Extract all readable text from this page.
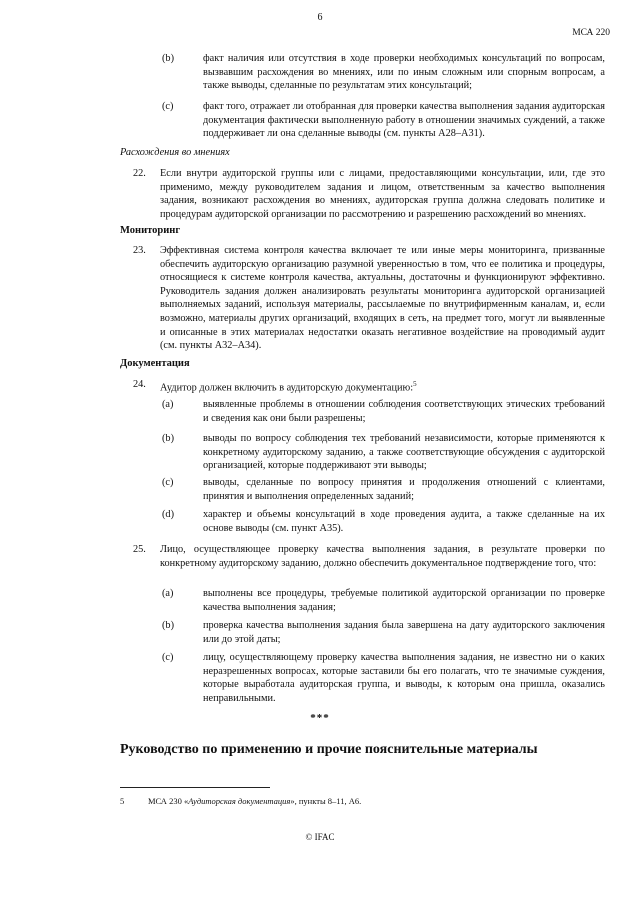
6
МСА 220
(b)	факт наличия или отсутствия в ходе проверки необходимых консультаций по вопросам, вызвавшим расхождения во мнениях, или по иным сложным или спорным вопросам, а также выводы, сделанные по результатам этих консультаций;

(c)	факт того, отражает ли отобранная для проверки качества выполнения задания аудиторская документация фактически выполненную работу в отношении значимых суждений, а также поддерживает ли она сделанные выводы (см. пункты А28–А31).

Расхождения во мнениях
22. Если внутри аудиторской группы или с лицами, предоставляющими консультации, или, где это применимо, между руководителем задания и лицом, ответственным за качество выполнения задания, возникают расхождения во мнениях, аудиторская группа должна следовать политике и процедурам аудиторской организации по рассмотрению и разрешению расхождений во мнениях.

Мониторинг
23. Эффективная система контроля качества включает те или иные меры мониторинга, призванные обеспечить аудиторскую организацию разумной уверенностью в том, что ее политика и процедуры, относящиеся к системе контроля качества, актуальны, достаточны и функционируют эффективно. Руководитель задания должен анализировать результаты мониторинга аудиторской организацией выполняемых заданий, используя материалы, рассылаемые по внутрифирменным каналам, и, если возможно, материалы других организаций, входящих в сеть, на предмет того, могут ли выявленные и описанные в этих материалах недостатки оказать негативное воздействие на проводимый аудит (см. пункты А32–А34).

Документация
24. Аудитор должен включить в аудиторскую документацию:$^5$

(a)	выявленные проблемы в отношении соблюдения соответствующих этических требований и сведения как они были разрешены;

(b)	выводы по вопросу соблюдения тех требований независимости, которые применяются к конкретному аудиторскому заданию, а также соответствующие обсуждения с аудиторской организацией, которые поддерживают эти выводы;

(c)	выводы, сделанные по вопросу принятия и продолжения отношений с клиентами, принятия и выполнения определенных заданий;

(d)	характер и объемы консультаций в ходе проведения аудита, а также сделанные на их основе выводы (см. пункт А35).

25. Лицо, осуществляющее проверку качества выполнения задания, в результате проверки по конкретному аудиторскому заданию, должно обеспечить документальное подтверждение того, что:

(a)	выполнены все процедуры, требуемые политикой аудиторской организации по проверке качества выполнения задания;

(b)	проверка качества выполнения задания была завершена на дату аудиторского заключения или до этой даты;

(c)	лицу, осуществляющему проверку качества выполнения задания, не известно ни о каких неразрешенных вопросах, которые заставили бы его полагать, что те значимые суждения, которые выработала аудиторская группа, и выводы, к которым она пришла, оказались неправильными.

***
Руководство по применению и прочие пояснительные материалы
5	МСА 230 «Аудиторская документация», пункты 8–11, А6.
© IFAC
